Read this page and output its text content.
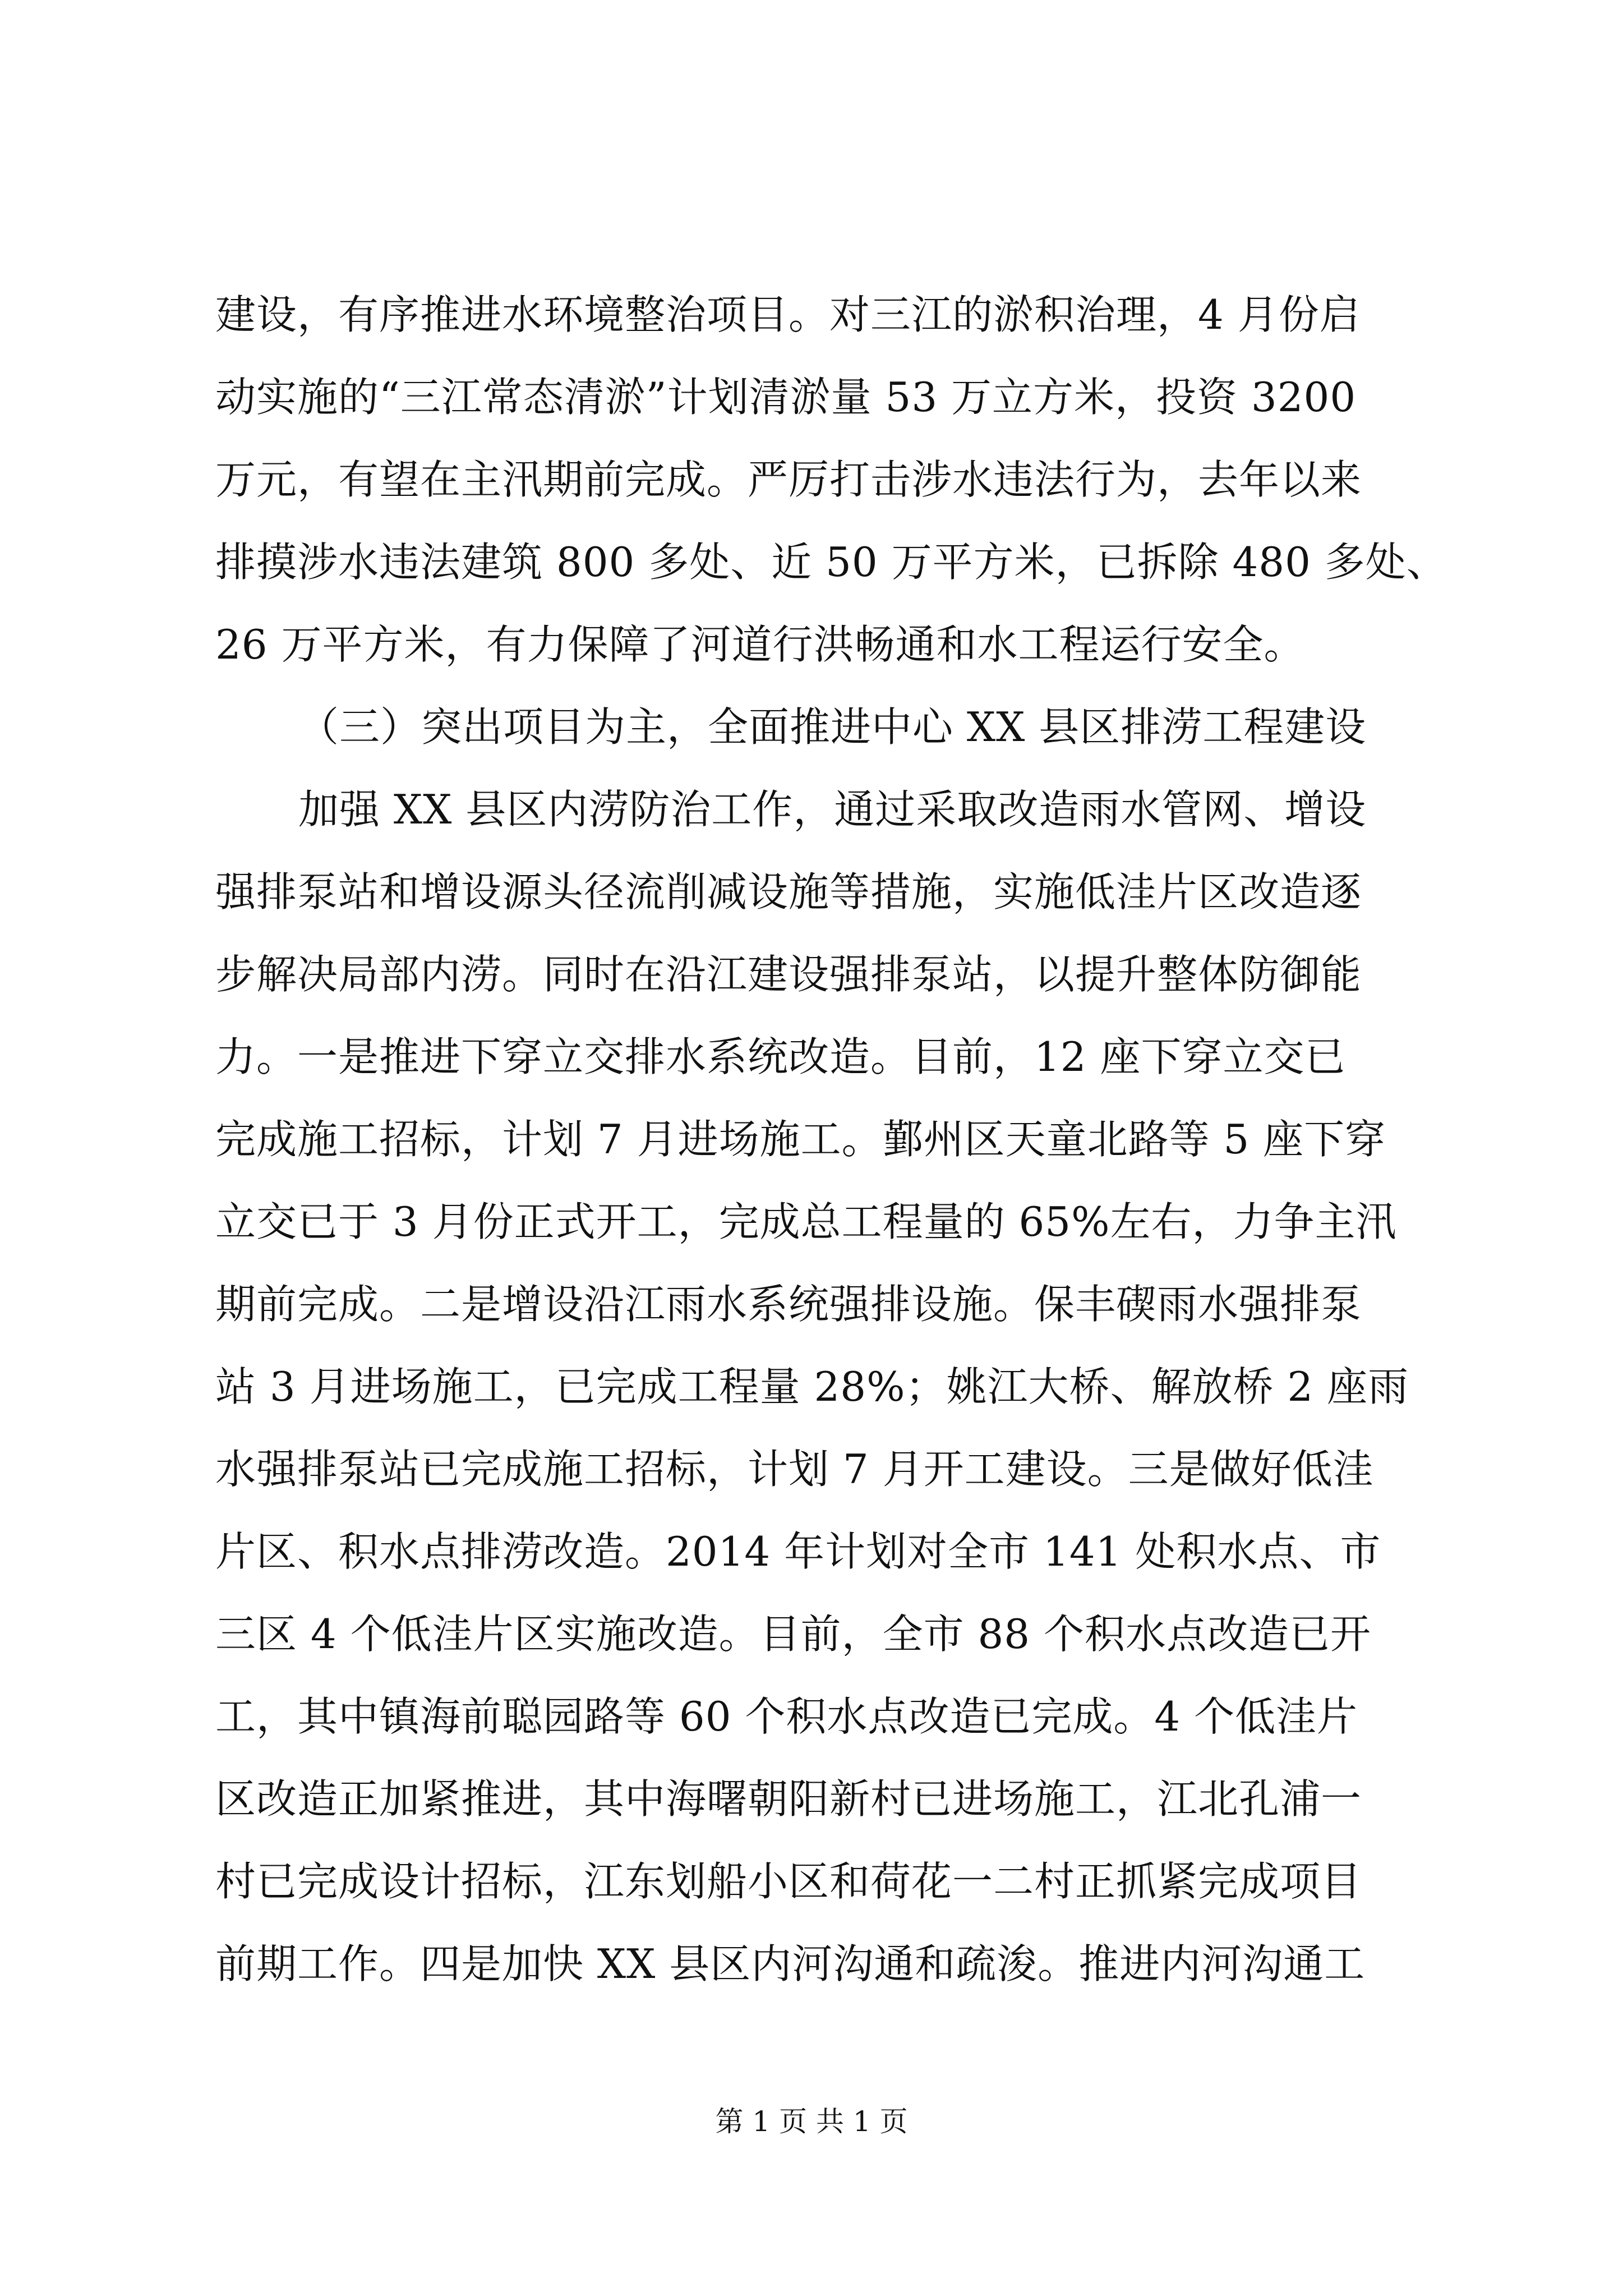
建设，有序推进水环境整治项目。对三江的淤积治理，4 月份启
动实施的“三江常态清淤”计划清淤量 53 万立方米，投资 3200
万元，有望在主汛期前完成。严厉打击涉水违法行为，去年以来
排摸涉水违法建筑 800 多处、近 50 万平方米，已拆除 480 多处、
26 万平方米，有力保障了河道行洪畅通和水工程运行安全。
（三）突出项目为主，全面推进中心 XX 县区排涝工程建设
加强 XX 县区内涝防治工作，通过采取改造雨水管网、增设
强排泵站和增设源头径流削减设施等措施，实施低洼片区改造逐
步解决局部内涝。同时在沿江建设强排泵站，以提升整体防御能
力。一是推进下穿立交排水系统改造。目前，12 座下穿立交已
完成施工招标，计划 7 月进场施工。鄞州区天童北路等 5 座下穿
立交已于 3 月份正式开工，完成总工程量的 65%左右，力争主汛
期前完成。二是增设沿江雨水系统强排设施。保丰碶雨水强排泵
站 3 月进场施工，已完成工程量 28%；姚江大桥、解放桥 2 座雨
水强排泵站已完成施工招标，计划 7 月开工建设。三是做好低洼
片区、积水点排涝改造。2014 年计划对全市 141 处积水点、市
三区 4 个低洼片区实施改造。目前，全市 88 个积水点改造已开
工，其中镇海前聪园路等 60 个积水点改造已完成。4 个低洼片
区改造正加紧推进，其中海曙朝阳新村已进场施工，江北孔浦一
村已完成设计招标，江东划船小区和荷花一二村正抓紧完成项目
前期工作。四是加快 XX 县区内河沟通和疏浚。推进内河沟通工
第 1 页 共 1 页
